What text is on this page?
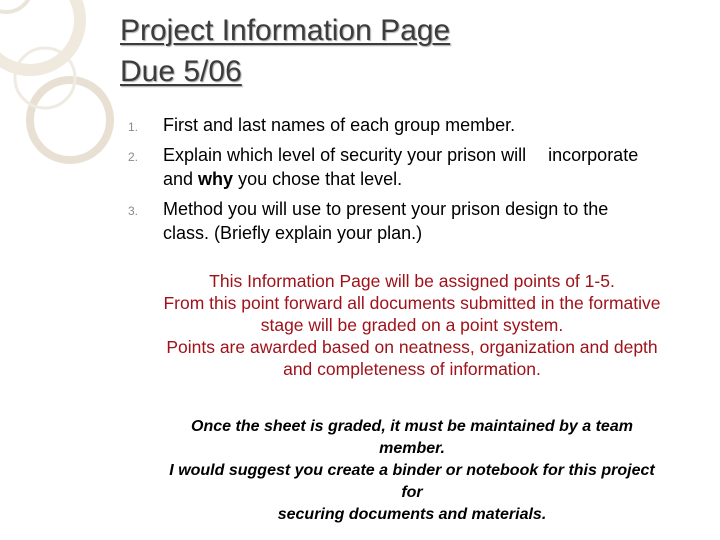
Project Information Page
Due 5/06
1. First and last names of each group member.
2. Explain which level of security your prison will incorporate
and why you chose that level.
3. Method you will use to present your prison design to the
class. (Briefly explain your plan.)
This Information Page will be assigned points of 1-5.
From this point forward all documents submitted in the formative
stage will be graded on a point system.
Points are awarded based on neatness, organization and depth
and completeness of information.
Once the sheet is graded, it must be maintained by a team
member.
I would suggest you create a binder or notebook for this project
for
securing documents and materials.
